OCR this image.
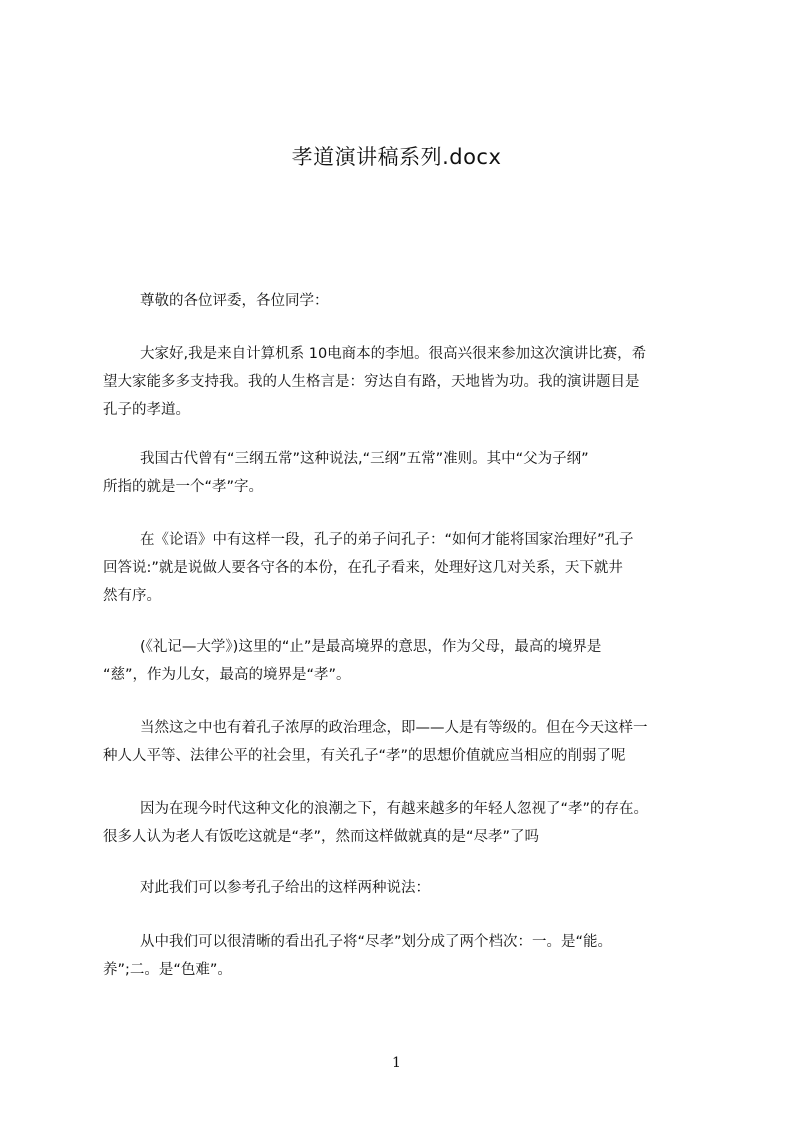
孝道演讲稿系列.docx

尊敬的各位评委，各位同学：

大家好,我是来自计算机系 10电商本的李旭。很高兴很来参加这次演讲比赛，希
望大家能多多支持我。我的人生格言是：穷达自有路，天地皆为功。我的演讲题目是
孔子的孝道。

我国古代曾有“三纲五常”这种说法,“三纲”五常”准则。其中“父为子纲”
所指的就是一个“孝”字。

在《论语》中有这样一段，孔子的弟子问孔子：“如何才能将国家治理好”孔子
回答说:”就是说做人要各守各的本份，在孔子看来，处理好这几对关系，天下就井
然有序。

(《礼记—大学》)这里的“止”是最高境界的意思，作为父母，最高的境界是
“慈”，作为儿女，最高的境界是“孝”。

当然这之中也有着孔子浓厚的政治理念，即——人是有等级的。但在今天这样一
种人人平等、法律公平的社会里，有关孔子“孝”的思想价值就应当相应的削弱了呢

因为在现今时代这种文化的浪潮之下，有越来越多的年轻人忽视了“孝”的存在。
很多人认为老人有饭吃这就是“孝”，然而这样做就真的是“尽孝”了吗

对此我们可以参考孔子给出的这样两种说法：

从中我们可以很清晰的看出孔子将“尽孝”划分成了两个档次：一。是“能。
养”;二。是“色难”。

1
